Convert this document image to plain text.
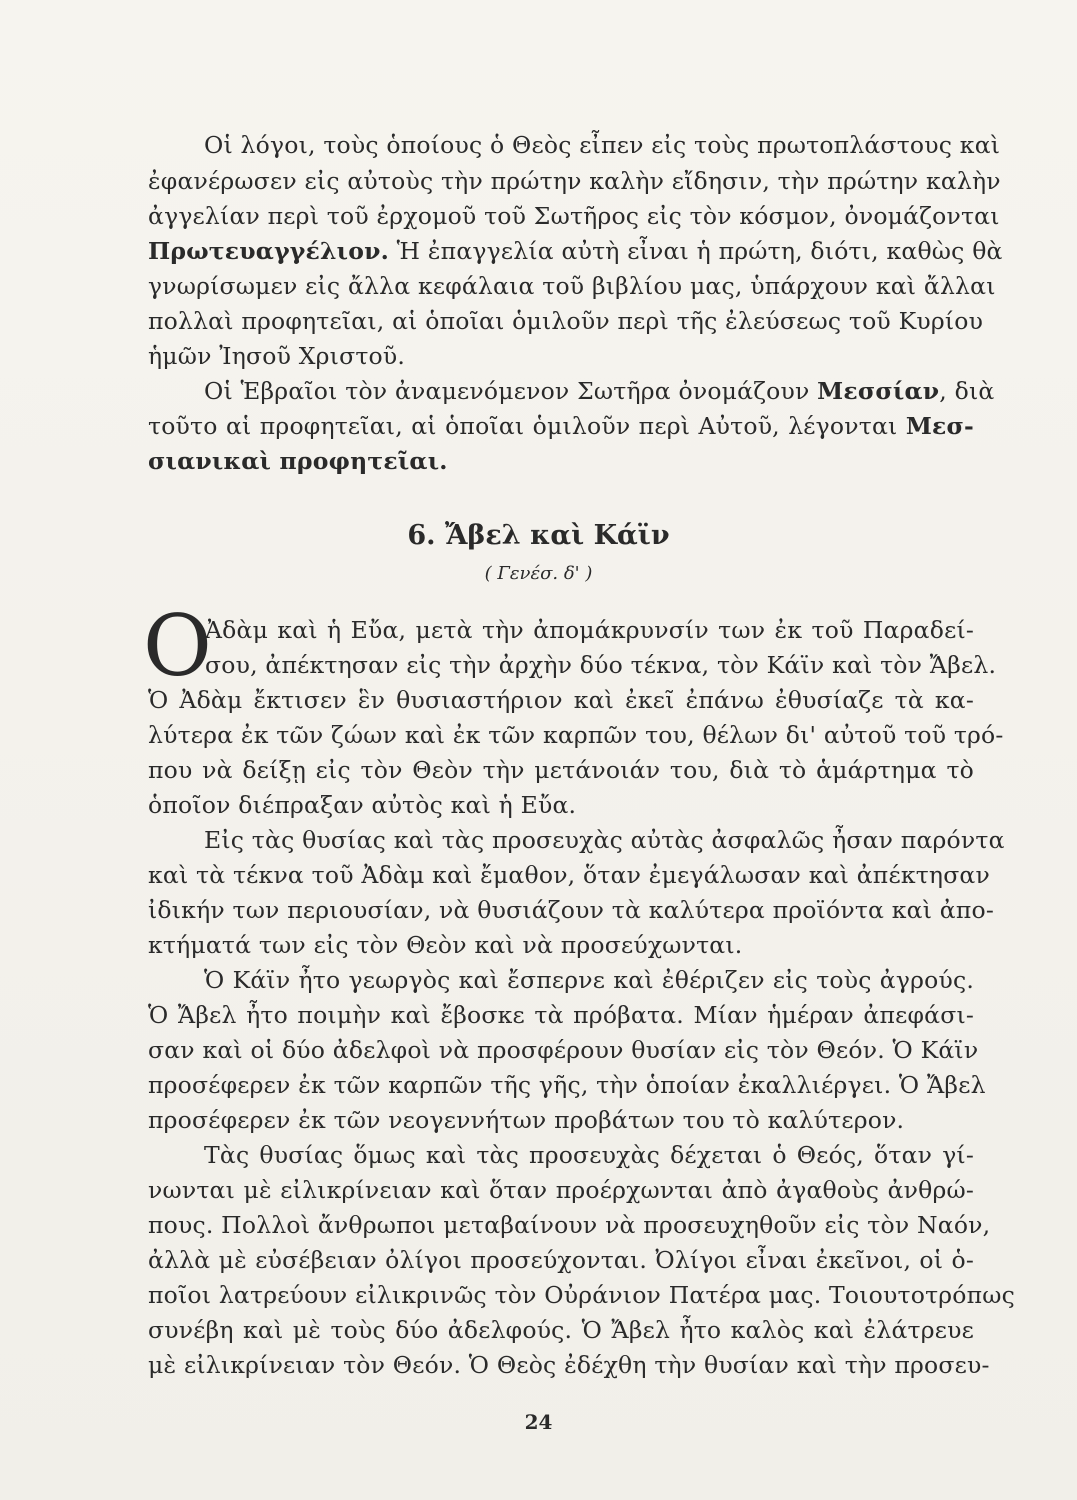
Οἱ λόγοι, τοὺς ὁποίους ὁ Θεὸς εἶπεν εἰς τοὺς πρωτοπλάστους καὶ
ἐφανέρωσεν εἰς αὐτοὺς τὴν πρώτην καλὴν εἴδησιν, τὴν πρώτην καλὴν
ἀγγελίαν περὶ τοῦ ἐρχομοῦ τοῦ Σωτῆρος εἰς τὸν κόσμον, ὀνομάζονται
Πρωτευαγγέλιον. Ἡ ἐπαγγελία αὐτὴ εἶναι ἡ πρώτη, διότι, καθὼς θὰ
γνωρίσωμεν εἰς ἄλλα κεφάλαια τοῦ βιβλίου μας, ὑπάρχουν καὶ ἄλλαι
πολλαὶ προφητεῖαι, αἱ ὁποῖαι ὁμιλοῦν περὶ τῆς ἐλεύσεως τοῦ Κυρίου
ἡμῶν Ἰησοῦ Χριστοῦ.
Οἱ Ἑβραῖοι τὸν ἀναμενόμενον Σωτῆρα ὀνομάζουν Μεσσίαν, διὰ
τοῦτο αἱ προφητεῖαι, αἱ ὁποῖαι ὁμιλοῦν περὶ Αὐτοῦ, λέγονται Μεσ-
σιανικαὶ προφητεῖαι.
6. Ἄβελ καὶ Κάϊν
( Γενέσ. δ' )
Ο
Ἀδὰμ καὶ ἡ Εὔα, μετὰ τὴν ἀπομάκρυνσίν των ἐκ τοῦ Παραδεί-
σου, ἀπέκτησαν εἰς τὴν ἀρχὴν δύο τέκνα, τὸν Κάϊν καὶ τὸν Ἄβελ.
Ὁ Ἀδὰμ ἔκτισεν ἓν θυσιαστήριον καὶ ἐκεῖ ἐπάνω ἐθυσίαζε τὰ κα-
λύτερα ἐκ τῶν ζώων καὶ ἐκ τῶν καρπῶν του, θέλων δι' αὐτοῦ τοῦ τρό-
που νὰ δείξῃ εἰς τὸν Θεὸν τὴν μετάνοιάν του, διὰ τὸ ἁμάρτημα τὸ
ὁποῖον διέπραξαν αὐτὸς καὶ ἡ Εὔα.
Εἰς τὰς θυσίας καὶ τὰς προσευχὰς αὐτὰς ἀσφαλῶς ἦσαν παρόντα
καὶ τὰ τέκνα τοῦ Ἀδὰμ καὶ ἔμαθον, ὅταν ἐμεγάλωσαν καὶ ἀπέκτησαν
ἰδικήν των περιουσίαν, νὰ θυσιάζουν τὰ καλύτερα προϊόντα καὶ ἀπο-
κτήματά των εἰς τὸν Θεὸν καὶ νὰ προσεύχωνται.
Ὁ Κάϊν ἦτο γεωργὸς καὶ ἔσπερνε καὶ ἐθέριζεν εἰς τοὺς ἀγρούς.
Ὁ Ἄβελ ἦτο ποιμὴν καὶ ἔβοσκε τὰ πρόβατα. Μίαν ἡμέραν ἀπεφάσι-
σαν καὶ οἱ δύο ἀδελφοὶ νὰ προσφέρουν θυσίαν εἰς τὸν Θεόν. Ὁ Κάϊν
προσέφερεν ἐκ τῶν καρπῶν τῆς γῆς, τὴν ὁποίαν ἐκαλλιέργει. Ὁ Ἄβελ
προσέφερεν ἐκ τῶν νεογεννήτων προβάτων του τὸ καλύτερον.
Τὰς θυσίας ὅμως καὶ τὰς προσευχὰς δέχεται ὁ Θεός, ὅταν γί-
νωνται μὲ εἰλικρίνειαν καὶ ὅταν προέρχωνται ἀπὸ ἀγαθοὺς ἀνθρώ-
πους. Πολλοὶ ἄνθρωποι μεταβαίνουν νὰ προσευχηθοῦν εἰς τὸν Ναόν,
ἀλλὰ μὲ εὐσέβειαν ὀλίγοι προσεύχονται. Ὀλίγοι εἶναι ἐκεῖνοι, οἱ ὁ-
ποῖοι λατρεύουν εἰλικρινῶς τὸν Οὐράνιον Πατέρα μας. Τοιουτοτρόπως
συνέβη καὶ μὲ τοὺς δύο ἀδελφούς. Ὁ Ἄβελ ἦτο καλὸς καὶ ἐλάτρευε
μὲ εἰλικρίνειαν τὸν Θεόν. Ὁ Θεὸς ἐδέχθη τὴν θυσίαν καὶ τὴν προσευ-
24
